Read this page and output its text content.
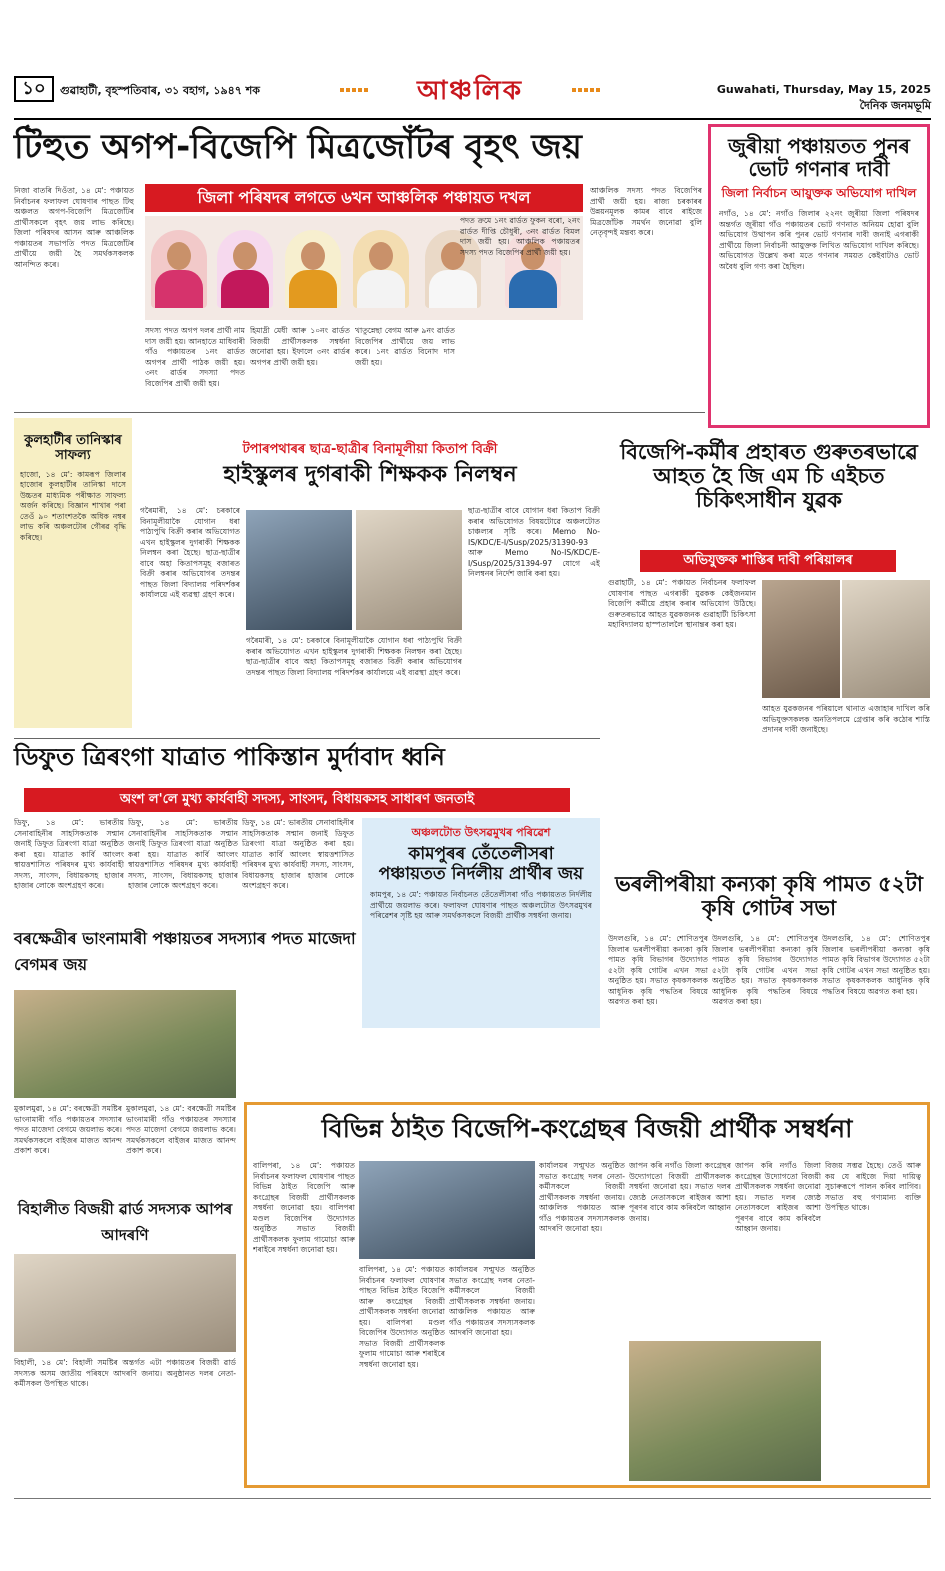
১০	গুৱাহাটী, বৃহস্পতিবাৰ, ৩১ বহাগ, ১৯৪৭ শক	আঞ্চলিক	Guwahati, Thursday, May 15, 2025
দৈনিক জনমভূমি
টিহুত অগপ-বিজেপি মিত্ৰজোঁটৰ বৃহৎ জয়
জিলা পৰিষদৰ লগতে ৬খন আঞ্চলিক পঞ্চায়ত দখল
নিজা বাতৰি দিওঁতা, ১৪ মে': পঞ্চায়ত নিৰ্বাচনৰ ফলাফল ঘোষণাৰ পাছত টিহু অঞ্চলত অগপ-বিজেপি মিত্ৰজোঁটৰ প্ৰাৰ্থীসকলে বৃহৎ জয় লাভ কৰিছে। জিলা পৰিষদৰ আসন আৰু আঞ্চলিক পঞ্চায়তৰ সভাপতি পদত মিত্ৰজোঁটৰ প্ৰাৰ্থীয়ে জয়ী হৈ সমৰ্থকসকলক আনন্দিত কৰে।
সদস্য পদত অগপ দলৰ প্ৰাৰ্থী নাম দাস জয়ী হয়। আনহাতে মাধিবাৰী গাঁও পঞ্চায়তৰ ১নং ৱাৰ্ডত অগপৰ প্ৰাৰ্থী পাঠক জয়ী হয়। ৩নং ৱাৰ্ডৰ সদস্যা পদত বিজেপিৰ প্ৰাৰ্থী জয়ী হয়।
হিমাদ্ৰী মেধী আৰু ১০নং ৱাৰ্ডত বিজয়ী প্ৰাৰ্থীসকলক সম্বৰ্ধনা জনোৱা হয়। ইফালে ৩নং ৱাৰ্ডৰ অগপৰ প্ৰাৰ্থী জয়ী হয়।
খাতুন্নেছা বেগম আৰু ৯নং ৱাৰ্ডত বিজেপিৰ প্ৰাৰ্থীয়ে জয় লাভ কৰে। ১নং ৱাৰ্ডত বিনোদ দাস জয়ী হয়।
পদত ক্ৰমে ১নং ৱাৰ্ডত ফুকন বৰো, ২নং ৱাৰ্ডত দীপ্তি চৌধুৰী, ৩নং ৱাৰ্ডত বিমল দাস জয়ী হয়। আঞ্চলিক পঞ্চায়তৰ সদস্য পদত বিজেপিৰ প্ৰাৰ্থী জয়ী হয়।
আঞ্চলিক সদস্য পদত বিজেপিৰ প্ৰাৰ্থী জয়ী হয়। ৰাজ্য চৰকাৰৰ উন্নয়নমূলক কামৰ বাবে ৰাইজে মিত্ৰজোঁটক সমৰ্থন জনোৱা বুলি নেতৃবৃন্দই মন্তব্য কৰে।
জুৰীয়া পঞ্চায়তত পুনৰ ভোট গণনাৰ দাবী
জিলা নিৰ্বাচন আয়ুক্তক অভিযোগ দাখিল
নগাঁও, ১৪ মে': নগাঁও জিলাৰ ২২নং জুৰীয়া জিলা পৰিষদৰ অন্তৰ্গত জুৰীয়া গাঁও পঞ্চায়তৰ ভোট গণনাত অনিয়ম হোৱা বুলি অভিযোগ উত্থাপন কৰি পুনৰ ভোট গণনাৰ দাবী জনাই এগৰাকী প্ৰাৰ্থীয়ে জিলা নিৰ্বাচনী আয়ুক্তক লিখিত অভিযোগ দাখিল কৰিছে। অভিযোগত উল্লেখ কৰা মতে গণনাৰ সময়ত কেইবাটাও ভোট অবৈধ বুলি গণ্য কৰা হৈছিল।
কুলহাটীৰ তানিস্কাৰ সাফল্য
হাজো, ১৪ মে': কামৰূপ জিলাৰ হাজোৰ কুলহাটীৰ তানিস্কা দাসে উচ্চতৰ মাধ্যমিক পৰীক্ষাত সাফল্য অৰ্জন কৰিছে। বিজ্ঞান শাখাৰ পৰা তেওঁ ৯০ শতাংশতকৈ অধিক নম্বৰ লাভ কৰি অঞ্চলটোৰ গৌৰৱ বৃদ্ধি কৰিছে।
টপাৰপথাৰৰ ছাত্ৰ-ছাত্ৰীৰ বিনামূলীয়া কিতাপ বিক্ৰী
হাইস্কুলৰ দুগৰাকী শিক্ষকক নিলম্বন
গৰৈমাৰী, ১৪ মে': চৰকাৰে বিনামূলীয়াকৈ যোগান ধৰা পাঠ্যপুথি বিক্ৰী কৰাৰ অভিযোগত এখন হাইস্কুলৰ দুগৰাকী শিক্ষকক নিলম্বন কৰা হৈছে। ছাত্ৰ-ছাত্ৰীৰ বাবে অহা কিতাপসমূহ বজাৰত বিক্ৰী কৰাৰ অভিযোগৰ তদন্তৰ পাছত জিলা বিদ্যালয় পৰিদৰ্শকৰ কাৰ্যালয়ে এই ব্যৱস্থা গ্ৰহণ কৰে।
গৰৈমাৰী, ১৪ মে': চৰকাৰে বিনামূলীয়াকৈ যোগান ধৰা পাঠ্যপুথি বিক্ৰী কৰাৰ অভিযোগত এখন হাইস্কুলৰ দুগৰাকী শিক্ষকক নিলম্বন কৰা হৈছে। ছাত্ৰ-ছাত্ৰীৰ বাবে অহা কিতাপসমূহ বজাৰত বিক্ৰী কৰাৰ অভিযোগৰ তদন্তৰ পাছত জিলা বিদ্যালয় পৰিদৰ্শকৰ কাৰ্যালয়ে এই ব্যৱস্থা গ্ৰহণ কৰে।
ছাত্ৰ-ছাত্ৰীৰ বাবে যোগান ধৰা কিতাপ বিক্ৰী কৰাৰ অভিযোগত বিষয়টোৱে অঞ্চলটোত চাঞ্চল্যৰ সৃষ্টি কৰে। Memo No-IS/KDC/E-I/Susp/2025/31390-93 আৰু Memo No-IS/KDC/E-I/Susp/2025/31394-97 যোগে এই নিলম্বনৰ নিৰ্দেশ জাৰি কৰা হয়।
বিজেপি-কৰ্মীৰ প্ৰহাৰত গুৰুতৰভাৱে আহত হৈ জি এম চি এইচত চিকিৎসাধীন যুৱক
অভিযুক্তক শাস্তিৰ দাবী পৰিয়ালৰ
গুৱাহাটী, ১৪ মে': পঞ্চায়ত নিৰ্বাচনৰ ফলাফল ঘোষণাৰ পাছত এগৰাকী যুৱকক কেইজনমান বিজেপি কৰ্মীয়ে প্ৰহাৰ কৰাৰ অভিযোগ উঠিছে। গুৰুতৰভাৱে আহত যুৱকজনক গুৱাহাটী চিকিৎসা মহাবিদ্যালয় হাস্পতাললৈ স্থানান্তৰ কৰা হয়।
আহত যুৱকজনৰ পৰিয়ালে থানাত এজাহাৰ দাখিল কৰি অভিযুক্তসকলক অনতিপলমে গ্ৰেপ্তাৰ কৰি কঠোৰ শাস্তি প্ৰদানৰ দাবী জনাইছে।
ডিফুত ত্ৰিৰংগা যাত্ৰাত পাকিস্তান মুৰ্দাবাদ ধ্বনি
অংশ ল'লে মুখ্য কাৰ্যবাহী সদস্য, সাংসদ, বিধায়কসহ সাধাৰণ জনতাই
ডিফু, ১৪ মে': ভাৰতীয় সেনাবাহিনীৰ সাহসিকতাক সন্মান জনাই ডিফুত ত্ৰিৰংগা যাত্ৰা অনুষ্ঠিত কৰা হয়। যাত্ৰাত কাৰ্বি আংলং স্বায়ত্তশাসিত পৰিষদৰ মুখ্য কাৰ্যবাহী সদস্য, সাংসদ, বিধায়কসহ হাজাৰ হাজাৰ লোকে অংশগ্ৰহণ কৰে।
ডিফু, ১৪ মে': ভাৰতীয় সেনাবাহিনীৰ সাহসিকতাক সন্মান জনাই ডিফুত ত্ৰিৰংগা যাত্ৰা অনুষ্ঠিত কৰা হয়। যাত্ৰাত কাৰ্বি আংলং স্বায়ত্তশাসিত পৰিষদৰ মুখ্য কাৰ্যবাহী সদস্য, সাংসদ, বিধায়কসহ হাজাৰ হাজাৰ লোকে অংশগ্ৰহণ কৰে।
ডিফু, ১৪ মে': ভাৰতীয় সেনাবাহিনীৰ সাহসিকতাক সন্মান জনাই ডিফুত ত্ৰিৰংগা যাত্ৰা অনুষ্ঠিত কৰা হয়। যাত্ৰাত কাৰ্বি আংলং স্বায়ত্তশাসিত পৰিষদৰ মুখ্য কাৰ্যবাহী সদস্য, সাংসদ, বিধায়কসহ হাজাৰ হাজাৰ লোকে অংশগ্ৰহণ কৰে।
অঞ্চলটোত উৎসৱমুখৰ পৰিৱেশ
কামপুৰৰ তেঁতেলীসৰা পঞ্চায়তত নিৰ্দলীয় প্ৰাৰ্থীৰ জয়
কামপুৰ, ১৪ মে': পঞ্চায়ত নিৰ্বাচনত তেঁতেলীসৰা গাঁও পঞ্চায়তত নিৰ্দলীয় প্ৰাৰ্থীয়ে জয়লাভ কৰে। ফলাফল ঘোষণাৰ পাছত অঞ্চলটোত উৎসৱমুখৰ পৰিৱেশৰ সৃষ্টি হয় আৰু সমৰ্থকসকলে বিজয়ী প্ৰাৰ্থীক সম্বৰ্ধনা জনায়।
বৰক্ষেত্ৰীৰ ভাংনামাৰী পঞ্চায়তৰ সদস্যাৰ পদত মাজেদা বেগমৰ জয়
মুকালমুৱা, ১৪ মে': বৰক্ষেত্ৰী সমষ্টিৰ ভাংনামাৰী গাঁও পঞ্চায়তৰ সদস্যাৰ পদত মাজেদা বেগমে জয়লাভ কৰে। সমৰ্থকসকলে বাইজৰ মাজত আনন্দ প্ৰকাশ কৰে।
মুকালমুৱা, ১৪ মে': বৰক্ষেত্ৰী সমষ্টিৰ ভাংনামাৰী গাঁও পঞ্চায়তৰ সদস্যাৰ পদত মাজেদা বেগমে জয়লাভ কৰে। সমৰ্থকসকলে বাইজৰ মাজত আনন্দ প্ৰকাশ কৰে।
ভৰলীপৰীয়া কন্যকা কৃষি পামত ৫২টা কৃষি গোটৰ সভা
উদলগুৰি, ১৪ মে': শোণিতপুৰ জিলাৰ ভৰলীপৰীয়া কন্যকা কৃষি পামত কৃষি বিভাগৰ উদ্যোগত ৫২টা কৃষি গোটৰ এখন সভা অনুষ্ঠিত হয়। সভাত কৃষকসকলক আধুনিক কৃষি পদ্ধতিৰ বিষয়ে অৱগত কৰা হয়।
উদলগুৰি, ১৪ মে': শোণিতপুৰ জিলাৰ ভৰলীপৰীয়া কন্যকা কৃষি পামত কৃষি বিভাগৰ উদ্যোগত ৫২টা কৃষি গোটৰ এখন সভা অনুষ্ঠিত হয়। সভাত কৃষকসকলক আধুনিক কৃষি পদ্ধতিৰ বিষয়ে অৱগত কৰা হয়।
উদলগুৰি, ১৪ মে': শোণিতপুৰ জিলাৰ ভৰলীপৰীয়া কন্যকা কৃষি পামত কৃষি বিভাগৰ উদ্যোগত ৫২টা কৃষি গোটৰ এখন সভা অনুষ্ঠিত হয়। সভাত কৃষকসকলক আধুনিক কৃষি পদ্ধতিৰ বিষয়ে অৱগত কৰা হয়।
বিহালীত বিজয়ী ৱাৰ্ড সদস্যক আপৰ আদৰণি
বিহালী, ১৪ মে': বিহালী সমষ্টিৰ অন্তৰ্গত এটা পঞ্চায়তৰ বিজয়ী ৱাৰ্ড সদস্যক অসম জাতীয় পৰিষদে আদৰণি জনায়। অনুষ্ঠানত দলৰ নেতা-কৰ্মীসকল উপস্থিত থাকে।
বিভিন্ন ঠাইত বিজেপি-কংগ্ৰেছৰ বিজয়ী প্ৰাৰ্থীক সম্বৰ্ধনা
বালিপৰা, ১৪ মে': পঞ্চায়ত নিৰ্বাচনৰ ফলাফল ঘোষণাৰ পাছত বিভিন্ন ঠাইত বিজেপি আৰু কংগ্ৰেছৰ বিজয়ী প্ৰাৰ্থীসকলক সম্বৰ্ধনা জনোৱা হয়। বালিপৰা মণ্ডল বিজেপিৰ উদ্যোগত অনুষ্ঠিত সভাত বিজয়ী প্ৰাৰ্থীসকলক ফুলাম গামোচা আৰু শৰাইৰে সম্বৰ্ধনা জনোৱা হয়।
বালিপৰা, ১৪ মে': পঞ্চায়ত নিৰ্বাচনৰ ফলাফল ঘোষণাৰ পাছত বিভিন্ন ঠাইত বিজেপি আৰু কংগ্ৰেছৰ বিজয়ী প্ৰাৰ্থীসকলক সম্বৰ্ধনা জনোৱা হয়। বালিপৰা মণ্ডল বিজেপিৰ উদ্যোগত অনুষ্ঠিত সভাত বিজয়ী প্ৰাৰ্থীসকলক ফুলাম গামোচা আৰু শৰাইৰে সম্বৰ্ধনা জনোৱা হয়।
কাৰ্যালয়ৰ সন্মুখত অনুষ্ঠিত সভাত কংগ্ৰেছ দলৰ নেতা-কৰ্মীসকলে বিজয়ী প্ৰাৰ্থীসকলক সম্বৰ্ধনা জনায়। আঞ্চলিক পঞ্চায়ত আৰু গাঁও পঞ্চায়তৰ সদস্যসকলক আদৰণি জনোৱা হয়।
কাৰ্যালয়ৰ সন্মুখত অনুষ্ঠিত সভাত কংগ্ৰেছ দলৰ নেতা-কৰ্মীসকলে বিজয়ী প্ৰাৰ্থীসকলক সম্বৰ্ধনা জনায়। আঞ্চলিক পঞ্চায়ত আৰু গাঁও পঞ্চায়তৰ সদস্যসকলক আদৰণি জনোৱা হয়।
জাপন কৰি নগাঁও জিলা কংগ্ৰেছৰ উদ্যোগতো বিজয়ী প্ৰাৰ্থীসকলক সম্বৰ্ধনা জনোৱা হয়। সভাত দলৰ জ্যেষ্ঠ নেতাসকলে ৰাইজৰ আশা পূৰণৰ বাবে কাম কৰিবলৈ আহ্বান জনায়।
জাপন কৰি নগাঁও জিলা কংগ্ৰেছৰ উদ্যোগতো বিজয়ী প্ৰাৰ্থীসকলক সম্বৰ্ধনা জনোৱা হয়। সভাত দলৰ জ্যেষ্ঠ নেতাসকলে ৰাইজৰ আশা পূৰণৰ বাবে কাম কৰিবলৈ আহ্বান জনায়।
বিজয় সম্ভৱ হৈছে। তেওঁ আৰু কয় যে ৰাইজে দিয়া দায়িত্ব সুচাৰুৰূপে পালন কৰিব লাগিব। সভাত বহু গণ্যমান্য ব্যক্তি উপস্থিত থাকে।
